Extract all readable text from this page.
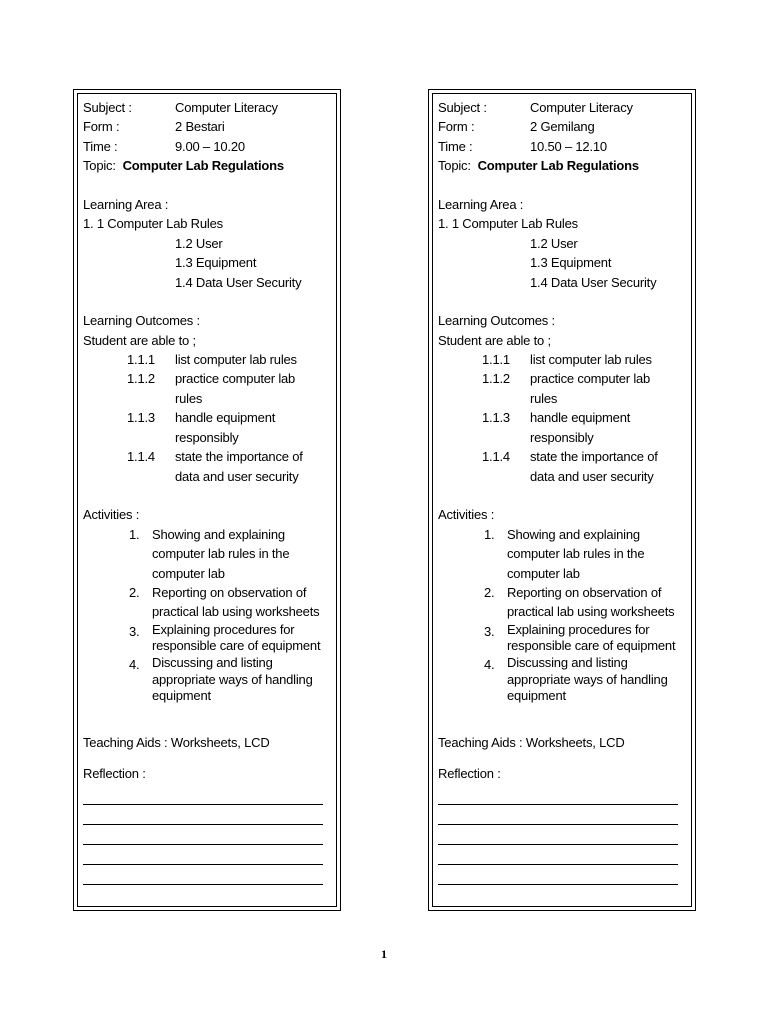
Subject :	Computer Literacy
Form :	2 Bestari
Time :	9.00 – 10.20
Topic: Computer Lab Regulations
Learning Area :
1. 1 Computer Lab Rules
1.2 User
1.3 Equipment
1.4 Data User Security
Learning Outcomes :
Student are able to ;
1.1.1 list computer lab rules
1.1.2 practice computer lab rules
1.1.3 handle equipment responsibly
1.1.4 state the importance of data and user security
Activities :
1. Showing and explaining computer lab rules in the computer lab
2. Reporting on observation of practical lab using worksheets
3. Explaining procedures for responsible care of equipment
4. Discussing and listing appropriate ways of handling equipment
Teaching Aids : Worksheets, LCD
Reflection :
Subject :	Computer Literacy
Form :	2 Gemilang
Time :	10.50 – 12.10
Topic: Computer Lab Regulations
Learning Area :
1. 1 Computer Lab Rules
1.2 User
1.3 Equipment
1.4 Data User Security
Learning Outcomes :
Student are able to ;
1.1.1 list computer lab rules
1.1.2 practice computer lab rules
1.1.3 handle equipment responsibly
1.1.4 state the importance of data and user security
Activities :
1. Showing and explaining computer lab rules in the computer lab
2. Reporting on observation of practical lab using worksheets
3. Explaining procedures for responsible care of equipment
4. Discussing and listing appropriate ways of handling equipment
Teaching Aids : Worksheets, LCD
Reflection :
1
